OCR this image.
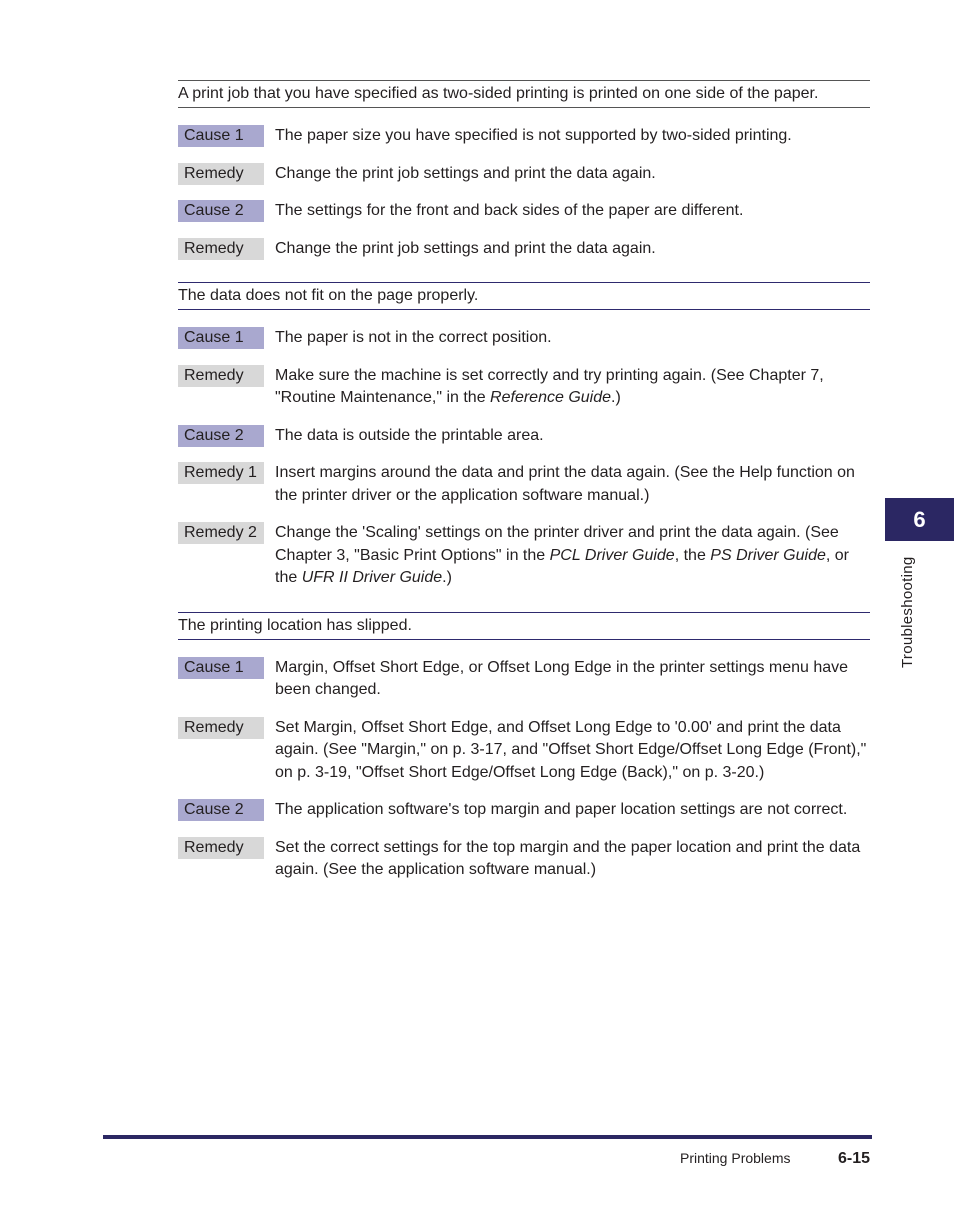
A print job that you have specified as two-sided printing is printed on one side of the paper.
Cause 1	The paper size you have specified is not supported by two-sided printing.
Remedy	Change the print job settings and print the data again.
Cause 2	The settings for the front and back sides of the paper are different.
Remedy	Change the print job settings and print the data again.
The data does not fit on the page properly.
Cause 1	The paper is not in the correct position.
Remedy	Make sure the machine is set correctly and try printing again. (See Chapter 7, "Routine Maintenance," in the Reference Guide.)
Cause 2	The data is outside the printable area.
Remedy 1	Insert margins around the data and print the data again. (See the Help function on the printer driver or the application software manual.)
Remedy 2	Change the 'Scaling' settings on the printer driver and print the data again. (See Chapter 3, "Basic Print Options" in the PCL Driver Guide, the PS Driver Guide, or the UFR II Driver Guide.)
The printing location has slipped.
Cause 1	Margin, Offset Short Edge, or Offset Long Edge in the printer settings menu have been changed.
Remedy	Set Margin, Offset Short Edge, and Offset Long Edge to '0.00' and print the data again. (See "Margin," on p. 3-17, and "Offset Short Edge/Offset Long Edge (Front)," on p. 3-19, "Offset Short Edge/Offset Long Edge (Back)," on p. 3-20.)
Cause 2	The application software's top margin and paper location settings are not correct.
Remedy	Set the correct settings for the top margin and the paper location and print the data again. (See the application software manual.)
6
Troubleshooting
Printing Problems	6-15
